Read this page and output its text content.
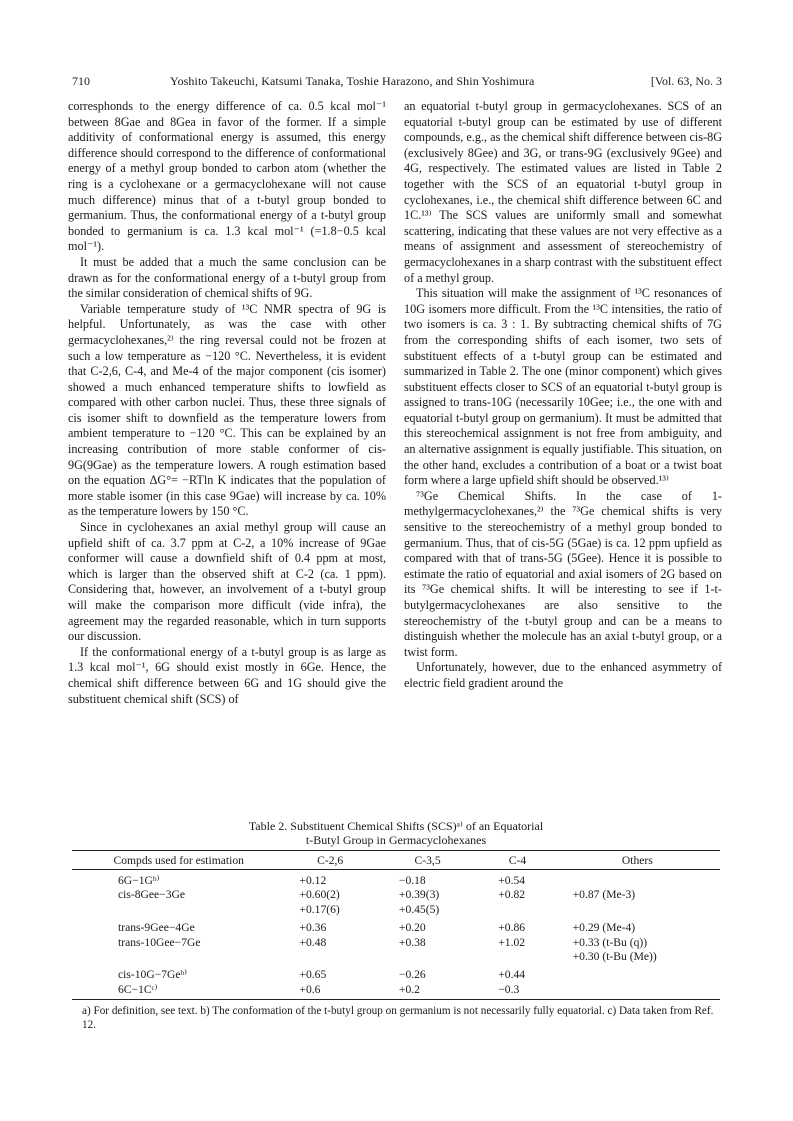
710	Yoshito Takeuchi, Katsumi Tanaka, Toshie Harazono, and Shin Yoshimura	[Vol. 63, No. 3

corresphonds to the energy difference of ca. 0.5 kcal mol⁻¹ between 8Gae and 8Gea in favor of the former. If a simple additivity of conformational energy is assumed, this energy difference should correspond to the difference of conformational energy of a methyl group bonded to carbon atom (whether the ring is a cyclohexane or a germacyclohexane will not cause much difference) minus that of a t-butyl group bonded to germanium. Thus, the conformational energy of a t-butyl group bonded to germanium is ca. 1.3 kcal mol⁻¹ (=1.8−0.5 kcal mol⁻¹).

It must be added that a much the same conclusion can be drawn as for the conformational energy of a t-butyl group from the similar consideration of chemical shifts of 9G.

Variable temperature study of ¹³C NMR spectra of 9G is helpful. Unfortunately, as was the case with other germacyclohexanes,²⁾ the ring reversal could not be frozen at such a low temperature as −120 °C. Nevertheless, it is evident that C-2,6, C-4, and Me-4 of the major component (cis isomer) showed a much enhanced temperature shifts to lowfield as compared with other carbon nuclei. Thus, these three signals of cis isomer shift to downfield as the temperature lowers from ambient temperature to −120 °C. This can be explained by an increasing contribution of more stable conformer of cis-9G(9Gae) as the temperature lowers. A rough estimation based on the equation ΔG°= −RTln K indicates that the population of more stable isomer (in this case 9Gae) will increase by ca. 10% as the temperature lowers by 150 °C.

Since in cyclohexanes an axial methyl group will cause an upfield shift of ca. 3.7 ppm at C-2, a 10% increase of 9Gae conformer will cause a downfield shift of 0.4 ppm at most, which is larger than the observed shift at C-2 (ca. 1 ppm). Considering that, however, an involvement of a t-butyl group will make the comparison more difficult (vide infra), the agreement may the regarded reasonable, which in turn supports our discussion.

If the conformational energy of a t-butyl group is as large as 1.3 kcal mol⁻¹, 6G should exist mostly in 6Ge. Hence, the chemical shift difference between 6G and 1G should give the substituent chemical shift (SCS) of

an equatorial t-butyl group in germacyclohexanes. SCS of an equatorial t-butyl group can be estimated by use of different compounds, e.g., as the chemical shift difference between cis-8G (exclusively 8Gee) and 3G, or trans-9G (exclusively 9Gee) and 4G, respectively. The estimated values are listed in Table 2 together with the SCS of an equatorial t-butyl group in cyclohexanes, i.e., the chemical shift difference between 6C and 1C.¹³⁾ The SCS values are uniformly small and somewhat scattering, indicating that these values are not very effective as a means of assignment and assessment of stereochemistry of germacyclohexanes in a sharp contrast with the substituent effect of a methyl group.

This situation will make the assignment of ¹³C resonances of 10G isomers more difficult. From the ¹³C intensities, the ratio of two isomers is ca. 3 : 1. By subtracting chemical shifts of 7G from the corresponding shifts of each isomer, two sets of substituent effects of a t-butyl group can be estimated and summarized in Table 2. The one (minor component) which gives substituent effects closer to SCS of an equatorial t-butyl group is assigned to trans-10G (necessarily 10Gee; i.e., the one with and equatorial t-butyl group on germanium). It must be admitted that this stereochemical assignment is not free from ambiguity, and an alternative assignment is equally justifiable. This situation, on the other hand, excludes a contribution of a boat or a twist boat form where a large upfield shift should be observed.¹³⁾

⁷³Ge Chemical Shifts. In the case of 1-methylgermacyclohexanes,²⁾ the ⁷³Ge chemical shifts is very sensitive to the stereochemistry of a methyl group bonded to germanium. Thus, that of cis-5G (5Gae) is ca. 12 ppm upfield as compared with that of trans-5G (5Gee). Hence it is possible to estimate the ratio of equatorial and axial isomers of 2G based on its ⁷³Ge chemical shifts. It will be interesting to see if 1-t-butylgermacyclohexanes are also sensitive to the stereochemistry of the t-butyl group and can be a means to distinguish whether the molecule has an axial t-butyl group, or a twist form.

Unfortunately, however, due to the enhanced asymmetry of electric field gradient around the

Table 2. Substituent Chemical Shifts (SCS)ᵃ⁾ of an Equatorial
t-Butyl Group in Germacyclohexanes
Compds used for estimation	C-2,6	C-3,5	C-4	Others
6G−1Gᵇ⁾	+0.12	−0.18	+0.54	
cis-8Gee−3Ge	+0.60(2)	+0.39(3)	+0.82	+0.87 (Me-3)
	+0.17(6)	+0.45(5)		
trans-9Gee−4Ge	+0.36	+0.20	+0.86	+0.29 (Me-4)
trans-10Gee−7Ge	+0.48	+0.38	+1.02	+0.33 (t-Bu (q))
				+0.30 (t-Bu (Me))
cis-10G−7Geᵇ⁾	+0.65	−0.26	+0.44	
6C−1Cᶜ⁾	+0.6	+0.2	−0.3	
a) For definition, see text. b) The conformation of the t-butyl group on germanium is not necessarily fully equatorial. c) Data taken from Ref. 12.
